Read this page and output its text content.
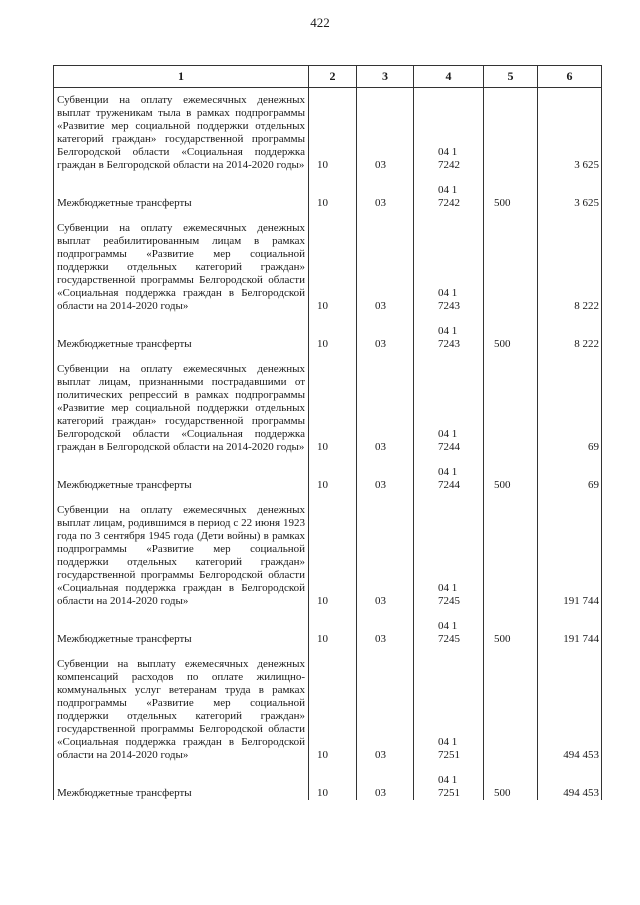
422
1	2	3	4	5	6
Субвенции на оплату ежемесячных денежных выплат труженикам тыла в рамках подпрограммы «Развитие мер социальной поддержки отдельных категорий граждан» государственной программы Белгородской области «Социальная поддержка граждан в Белгородской области на 2014-2020 годы»	10	03	04 1 7242		3 625
Межбюджетные трансферты	10	03	04 1 7242	500	3 625
Субвенции на оплату ежемесячных денежных выплат реабилитированным лицам в рамках подпрограммы «Развитие мер социальной поддержки отдельных категорий граждан» государственной программы Белгородской области «Социальная поддержка граждан в Белгородской области на 2014-2020 годы»	10	03	04 1 7243		8 222
Межбюджетные трансферты	10	03	04 1 7243	500	8 222
Субвенции на оплату ежемесячных денежных выплат лицам, признанными пострадавшими от политических репрессий в рамках подпрограммы «Развитие мер социальной поддержки отдельных категорий граждан» государственной программы Белгородской области «Социальная поддержка граждан в Белгородской области на 2014-2020 годы»	10	03	04 1 7244		69
Межбюджетные трансферты	10	03	04 1 7244	500	69
Субвенции на оплату ежемесячных денежных выплат лицам, родившимся в период с 22 июня 1923 года по 3 сентября 1945 года (Дети войны) в рамках подпрограммы «Развитие мер социальной поддержки отдельных категорий граждан» государственной программы Белгородской области «Социальная поддержка граждан в Белгородской области на 2014-2020 годы»	10	03	04 1 7245		191 744
Межбюджетные трансферты	10	03	04 1 7245	500	191 744
Субвенции на выплату ежемесячных денежных компенсаций расходов по оплате жилищно-коммунальных услуг ветеранам труда в рамках подпрограммы «Развитие мер социальной поддержки отдельных категорий граждан» государственной программы Белгородской области «Социальная поддержка граждан в Белгородской области на 2014-2020 годы»	10	03	04 1 7251		494 453
Межбюджетные трансферты	10	03	04 1 7251	500	494 453
